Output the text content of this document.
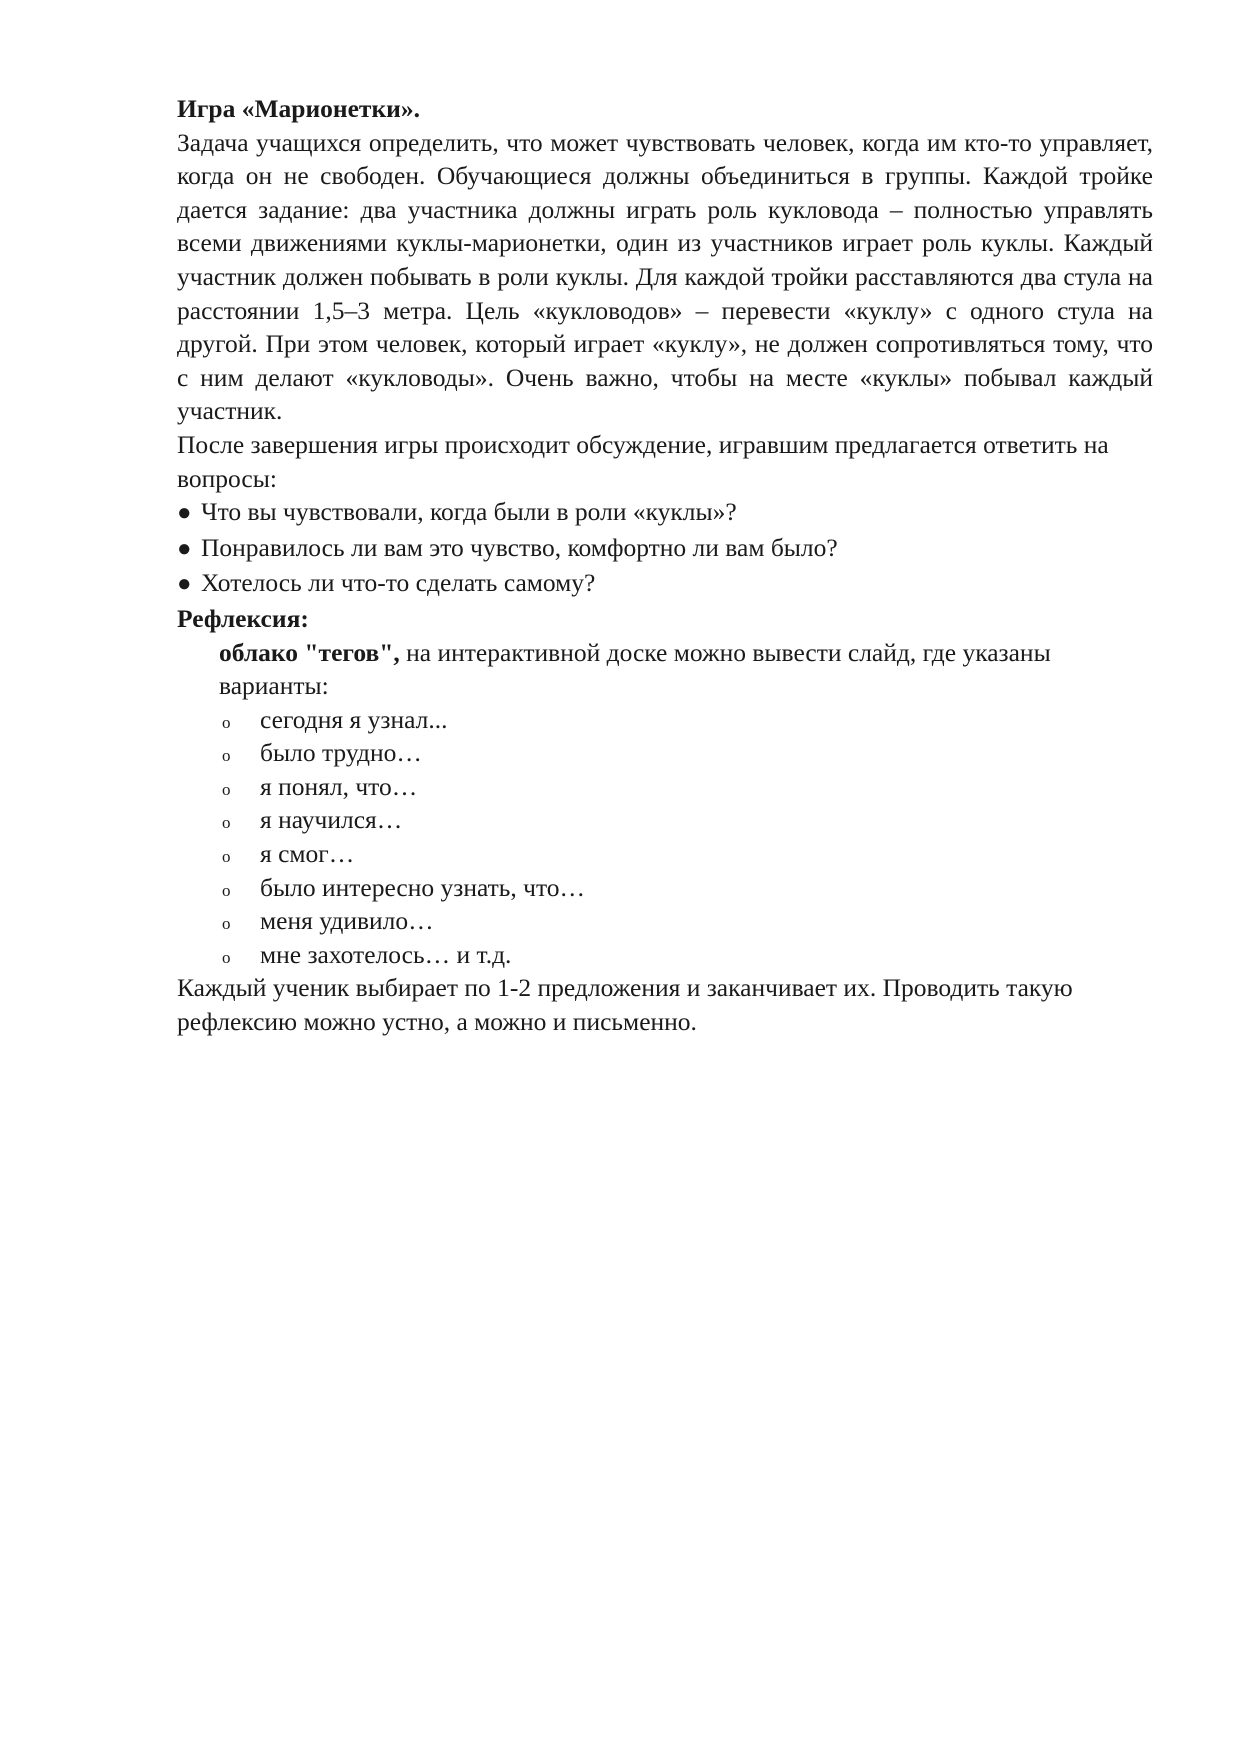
Игра «Марионетки».

Задача учащихся определить, что может чувствовать человек, когда им кто-то управляет, когда он не свободен. Обучающиеся должны объединиться в группы. Каждой тройке дается задание: два участника должны играть роль кукловода – полностью управлять всеми движениями куклы-марионетки, один из участников играет роль куклы. Каждый участник должен побывать в роли куклы. Для каждой тройки расставляются два стула на расстоянии 1,5–3 метра. Цель «кукловодов» – перевести «куклу» с одного стула на другой. При этом человек, который играет «куклу», не должен сопротивляться тому, что с ним делают «кукловоды». Очень важно, чтобы на месте «куклы» побывал каждый участник.

После завершения игры происходит обсуждение, игравшим предлагается ответить на вопросы:

● Что вы чувствовали, когда были в роли «куклы»?
● Понравилось ли вам это чувство, комфортно ли вам было?
● Хотелось ли что-то сделать самому?

Рефлексия:

облако "тегов", на интерактивной доске можно вывести слайд, где указаны варианты:

o	сегодня я узнал...
o	было трудно…
o	я понял, что…
o	я научился…
o	я смог…
o	было интересно узнать, что…
o	меня удивило…
o	мне захотелось… и т.д.

Каждый ученик выбирает по 1-2 предложения и заканчивает их. Проводить такую рефлексию можно устно, а можно и письменно.
